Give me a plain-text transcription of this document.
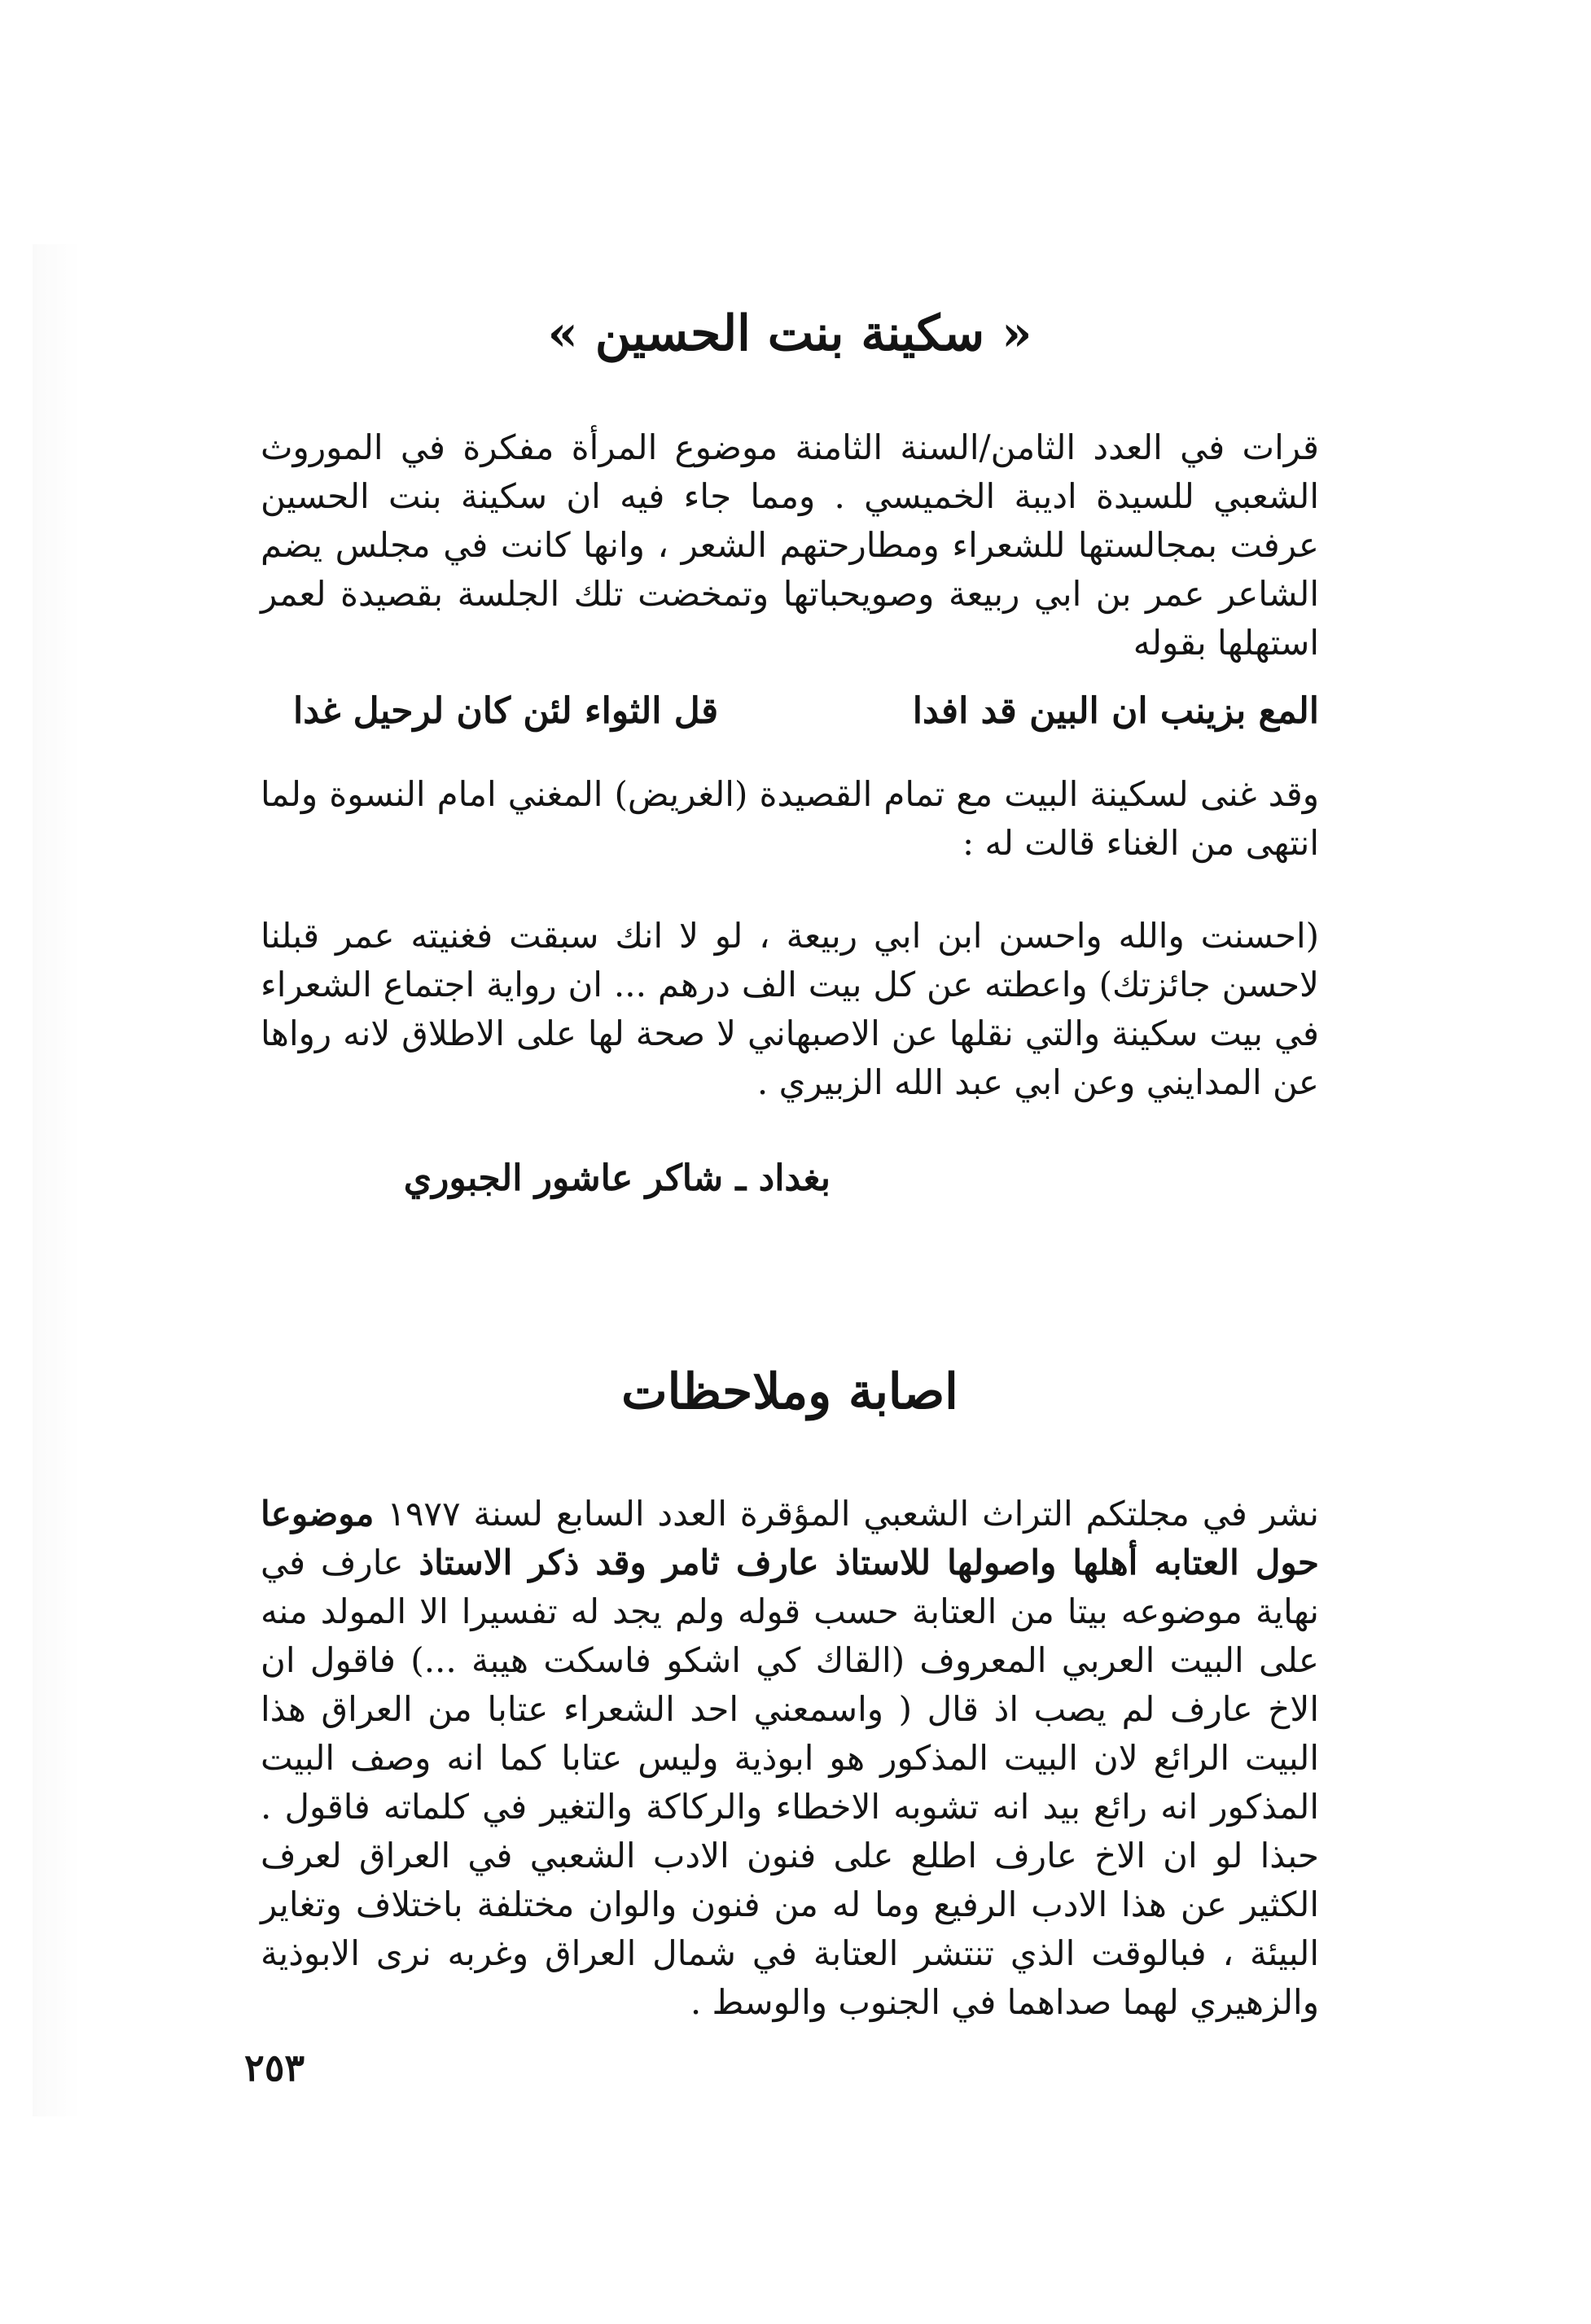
« سكينة بنت الحسين »

قرات في العدد الثامن/السنة الثامنة موضوع المرأة مفكرة في الموروث الشعبي للسيدة اديبة الخميسي . ومما جاء فيه ان سكينة بنت الحسين عرفت بمجالستها للشعراء ومطارحتهم الشعر ، وانها كانت في مجلس يضم الشاعر عمر بن ابي ربيعة وصويحباتها وتمخضت تلك الجلسة بقصيدة لعمر استهلها بقوله

المع بزينب ان البين قد افدا
قل الثواء لئن كان لرحيل غدا

وقد غنى لسكينة البيت مع تمام القصيدة (الغريض) المغني امام النسوة ولما انتهى من الغناء قالت له :

(احسنت والله واحسن ابن ابي ربيعة ، لو لا انك سبقت فغنيته عمر قبلنا لاحسن جائزتك) واعطته عن كل بيت الف درهم ... ان رواية اجتماع الشعراء في بيت سكينة والتي نقلها عن الاصبهاني لا صحة لها على الاطلاق لانه رواها عن المدايني وعن ابي عبد الله الزبيري .

بغداد ـ شاكر عاشور الجبوري
اصابة وملاحظات

نشر في مجلتكم التراث الشعبي المؤقرة العدد السابع لسنة ١٩٧٧ موضوعا حول العتابه أهلها واصولها للاستاذ عارف ثامر وقد ذكر الاستاذ عارف في نهاية موضوعه بيتا من العتابة حسب قوله ولم يجد له تفسيرا الا المولد منه على البيت العربي المعروف (القاك كي اشكو فاسكت هيبة ...) فاقول ان الاخ عارف لم يصب اذ قال ( واسمعني احد الشعراء عتابا من العراق هذا البيت الرائع لان البيت المذكور هو ابوذية وليس عتابا كما انه وصف البيت المذكور انه رائع بيد انه تشوبه الاخطاء والركاكة والتغير في كلماته فاقول . حبذا لو ان الاخ عارف اطلع على فنون الادب الشعبي في العراق لعرف الكثير عن هذا الادب الرفيع وما له من فنون والوان مختلفة باختلاف وتغاير البيئة ، فبالوقت الذي تنتشر العتابة في شمال العراق وغربه نرى الابوذية والزهيري لهما صداهما في الجنوب والوسط .

٢٥٣
